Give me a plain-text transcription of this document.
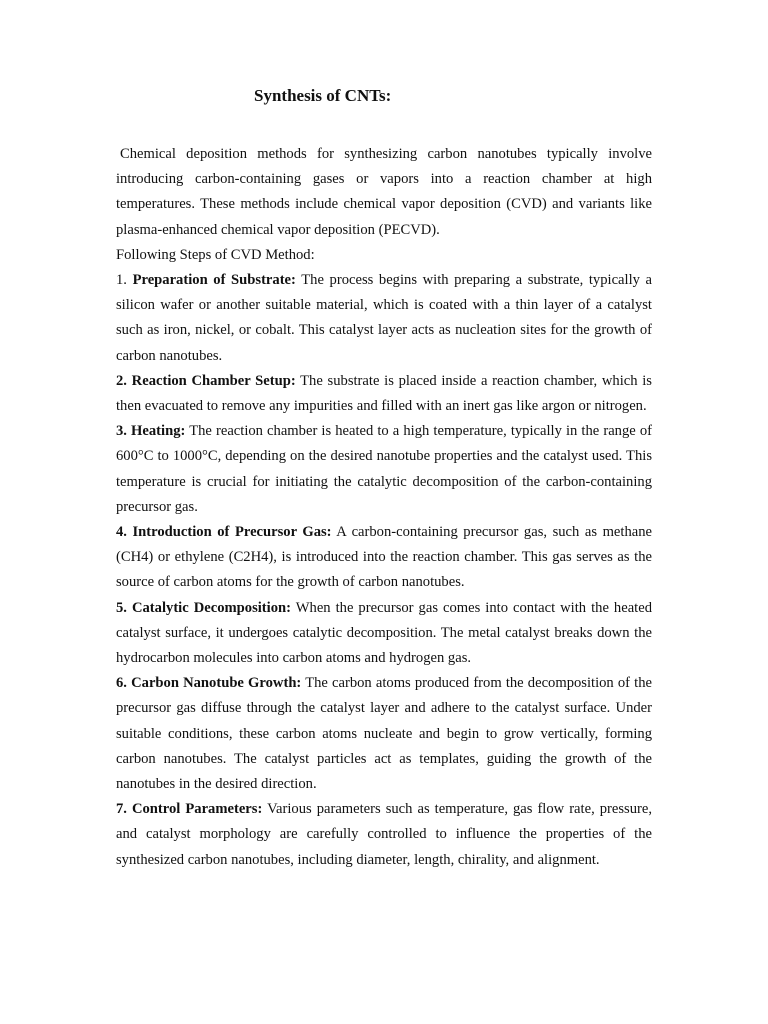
Synthesis of CNTs:

Chemical deposition methods for synthesizing carbon nanotubes typically involve introducing carbon-containing gases or vapors into a reaction chamber at high temperatures. These methods include chemical vapor deposition (CVD) and variants like plasma-enhanced chemical vapor deposition (PECVD).

Following Steps of CVD Method:

1. Preparation of Substrate: The process begins with preparing a substrate, typically a silicon wafer or another suitable material, which is coated with a thin layer of a catalyst such as iron, nickel, or cobalt. This catalyst layer acts as nucleation sites for the growth of carbon nanotubes.

2. Reaction Chamber Setup: The substrate is placed inside a reaction chamber, which is then evacuated to remove any impurities and filled with an inert gas like argon or nitrogen.

3. Heating: The reaction chamber is heated to a high temperature, typically in the range of 600°C to 1000°C, depending on the desired nanotube properties and the catalyst used. This temperature is crucial for initiating the catalytic decomposition of the carbon-containing precursor gas.

4. Introduction of Precursor Gas: A carbon-containing precursor gas, such as methane (CH4) or ethylene (C2H4), is introduced into the reaction chamber. This gas serves as the source of carbon atoms for the growth of carbon nanotubes.

5. Catalytic Decomposition: When the precursor gas comes into contact with the heated catalyst surface, it undergoes catalytic decomposition. The metal catalyst breaks down the hydrocarbon molecules into carbon atoms and hydrogen gas.

6. Carbon Nanotube Growth: The carbon atoms produced from the decomposition of the precursor gas diffuse through the catalyst layer and adhere to the catalyst surface. Under suitable conditions, these carbon atoms nucleate and begin to grow vertically, forming carbon nanotubes. The catalyst particles act as templates, guiding the growth of the nanotubes in the desired direction.

7. Control Parameters: Various parameters such as temperature, gas flow rate, pressure, and catalyst morphology are carefully controlled to influence the properties of the synthesized carbon nanotubes, including diameter, length, chirality, and alignment.
